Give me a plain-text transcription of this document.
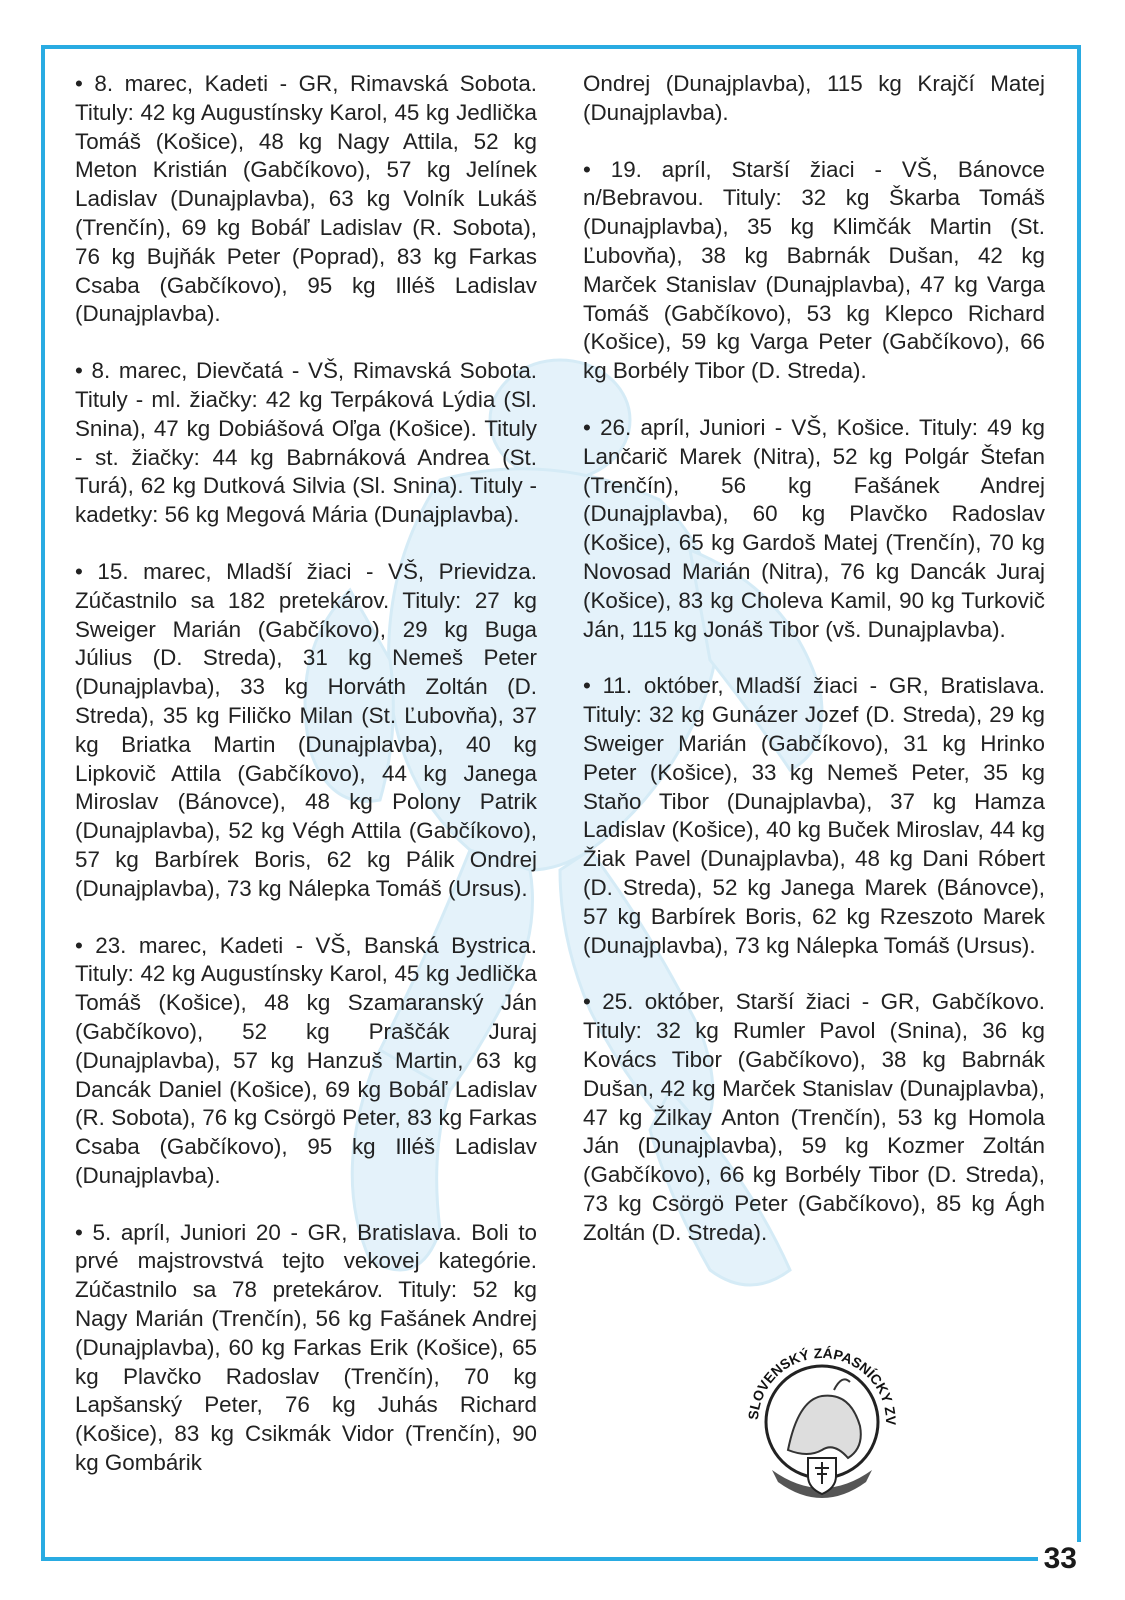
• 8. marec, Kadeti - GR, Rimavská Sobota. Tituly: 42 kg Augustínsky Karol, 45 kg Jedlička Tomáš (Košice), 48 kg Nagy Attila, 52 kg Meton Kristián (Gabčíkovo), 57 kg Jelínek Ladislav (Dunajplavba), 63 kg Volník Lukáš (Trenčín), 69 kg Bobáľ Ladislav (R. Sobota), 76 kg Bujňák Peter (Poprad), 83 kg Farkas Csaba (Gabčíkovo), 95 kg Illéš Ladislav (Dunajplavba).

• 8. marec, Dievčatá - VŠ, Rimavská Sobota. Tituly - ml. žiačky: 42 kg Terpáková Lýdia (Sl. Snina), 47 kg Dobiášová Oľga (Košice). Tituly - st. žiačky: 44 kg Babrnáková Andrea (St. Turá), 62 kg Dutková Silvia (Sl. Snina). Tituly - kadetky: 56 kg Megová Mária (Dunajplavba).

• 15. marec, Mladší žiaci - VŠ, Prievidza. Zúčastnilo sa 182 pretekárov. Tituly: 27 kg Sweiger Marián (Gabčíkovo), 29 kg Buga Július (D. Streda), 31 kg Nemeš Peter (Dunajplavba), 33 kg Horváth Zoltán (D. Streda), 35 kg Filičko Milan (St. Ľubovňa), 37 kg Briatka Martin (Dunajplavba), 40 kg Lipkovič Attila (Gabčíkovo), 44 kg Janega Miroslav (Bánovce), 48 kg Polony Patrik (Dunajplavba), 52 kg Végh Attila (Gabčíkovo), 57 kg Barbírek Boris, 62 kg Pálik Ondrej (Dunajplavba), 73 kg Nálepka Tomáš (Ursus).

• 23. marec, Kadeti - VŠ, Banská Bystrica. Tituly: 42 kg Augustínsky Karol, 45 kg Jedlička Tomáš (Košice), 48 kg Szamaranský Ján (Gabčíkovo), 52 kg Praščák Juraj (Dunajplavba), 57 kg Hanzuš Martin, 63 kg Dancák Daniel (Košice), 69 kg Bobáľ Ladislav (R. Sobota), 76 kg Csörgö Peter, 83 kg Farkas Csaba (Gabčíkovo), 95 kg Illéš Ladislav (Dunajplavba).

• 5. apríl, Juniori 20 - GR, Bratislava. Boli to prvé majstrovstvá tejto vekovej kategórie. Zúčastnilo sa 78 pretekárov. Tituly: 52 kg Nagy Marián (Trenčín), 56 kg Fašánek Andrej (Dunajplavba), 60 kg Farkas Erik (Košice), 65 kg Plavčko Radoslav (Trenčín), 70 kg Lapšanský Peter, 76 kg Juhás Richard (Košice), 83 kg Csikmák Vidor (Trenčín), 90 kg Gombárik

Ondrej (Dunajplavba), 115 kg Krajčí Matej (Dunajplavba).

• 19. apríl, Starší žiaci - VŠ, Bánovce n/Bebravou. Tituly: 32 kg Škarba Tomáš (Dunajplavba), 35 kg Klimčák Martin (St. Ľubovňa), 38 kg Babrnák Dušan, 42 kg Marček Stanislav (Dunajplavba), 47 kg Varga Tomáš (Gabčíkovo), 53 kg Klepco Richard (Košice), 59 kg Varga Peter (Gabčíkovo), 66 kg Borbély Tibor (D. Streda).

• 26. apríl, Juniori - VŠ, Košice. Tituly: 49 kg Lančarič Marek (Nitra), 52 kg Polgár Štefan (Trenčín), 56 kg Fašánek Andrej (Dunajplavba), 60 kg Plavčko Radoslav (Košice), 65 kg Gardoš Matej (Trenčín), 70 kg Novosad Marián (Nitra), 76 kg Dancák Juraj (Košice), 83 kg Choleva Kamil, 90 kg Turkovič Ján, 115 kg Jonáš Tibor (vš. Dunajplavba).

• 11. október, Mladší žiaci - GR, Bratislava. Tituly: 32 kg Gunázer Jozef (D. Streda), 29 kg Sweiger Marián (Gabčíkovo), 31 kg Hrinko Peter (Košice), 33 kg Nemeš Peter, 35 kg Staňo Tibor (Dunajplavba), 37 kg Hamza Ladislav (Košice), 40 kg Buček Miroslav, 44 kg Žiak Pavel (Dunajplavba), 48 kg Dani Róbert (D. Streda), 52 kg Janega Marek (Bánovce), 57 kg Barbírek Boris, 62 kg Rzeszoto Marek (Dunajplavba), 73 kg Nálepka Tomáš (Ursus).

• 25. október, Starší žiaci - GR, Gabčíkovo. Tituly: 32 kg Rumler Pavol (Snina), 36 kg Kovács Tibor (Gabčíkovo), 38 kg Babrnák Dušan, 42 kg Marček Stanislav (Dunajplavba), 47 kg Žilkay Anton (Trenčín), 53 kg Homola Ján (Dunajplavba), 59 kg Kozmer Zoltán (Gabčíkovo), 66 kg Borbély Tibor (D. Streda), 73 kg Csörgö Peter (Gabčíkovo), 85 kg Ágh Zoltán (D. Streda).

SLOVENSKÝ ZÁPASNÍCKY ZV
33
